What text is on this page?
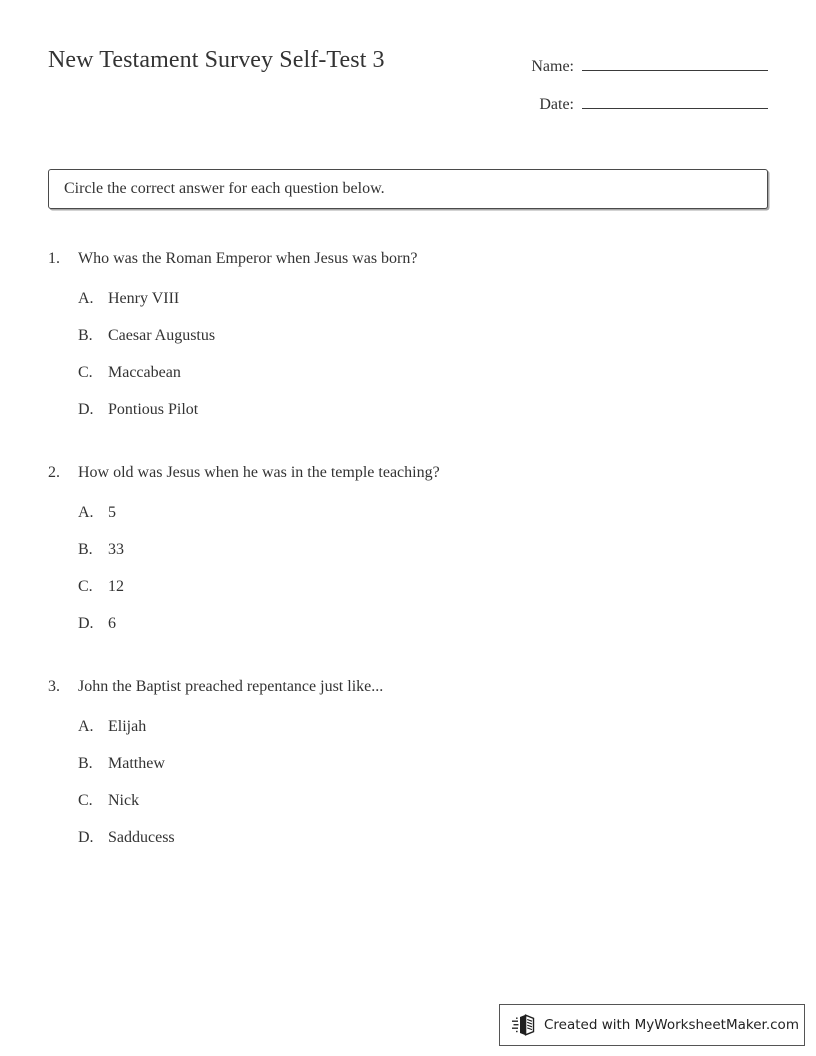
New Testament Survey Self-Test 3	Name:
Date:
Circle the correct answer for each question below.
1.	Who was the Roman Emperor when Jesus was born?
A. Henry VIII
B. Caesar Augustus
C. Maccabean
D. Pontious Pilot
2.	How old was Jesus when he was in the temple teaching?
A. 5
B. 33
C. 12
D. 6
3.	John the Baptist preached repentance just like...
A. Elijah
B. Matthew
C. Nick
D. Sadducess
Created with MyWorksheetMaker.com
